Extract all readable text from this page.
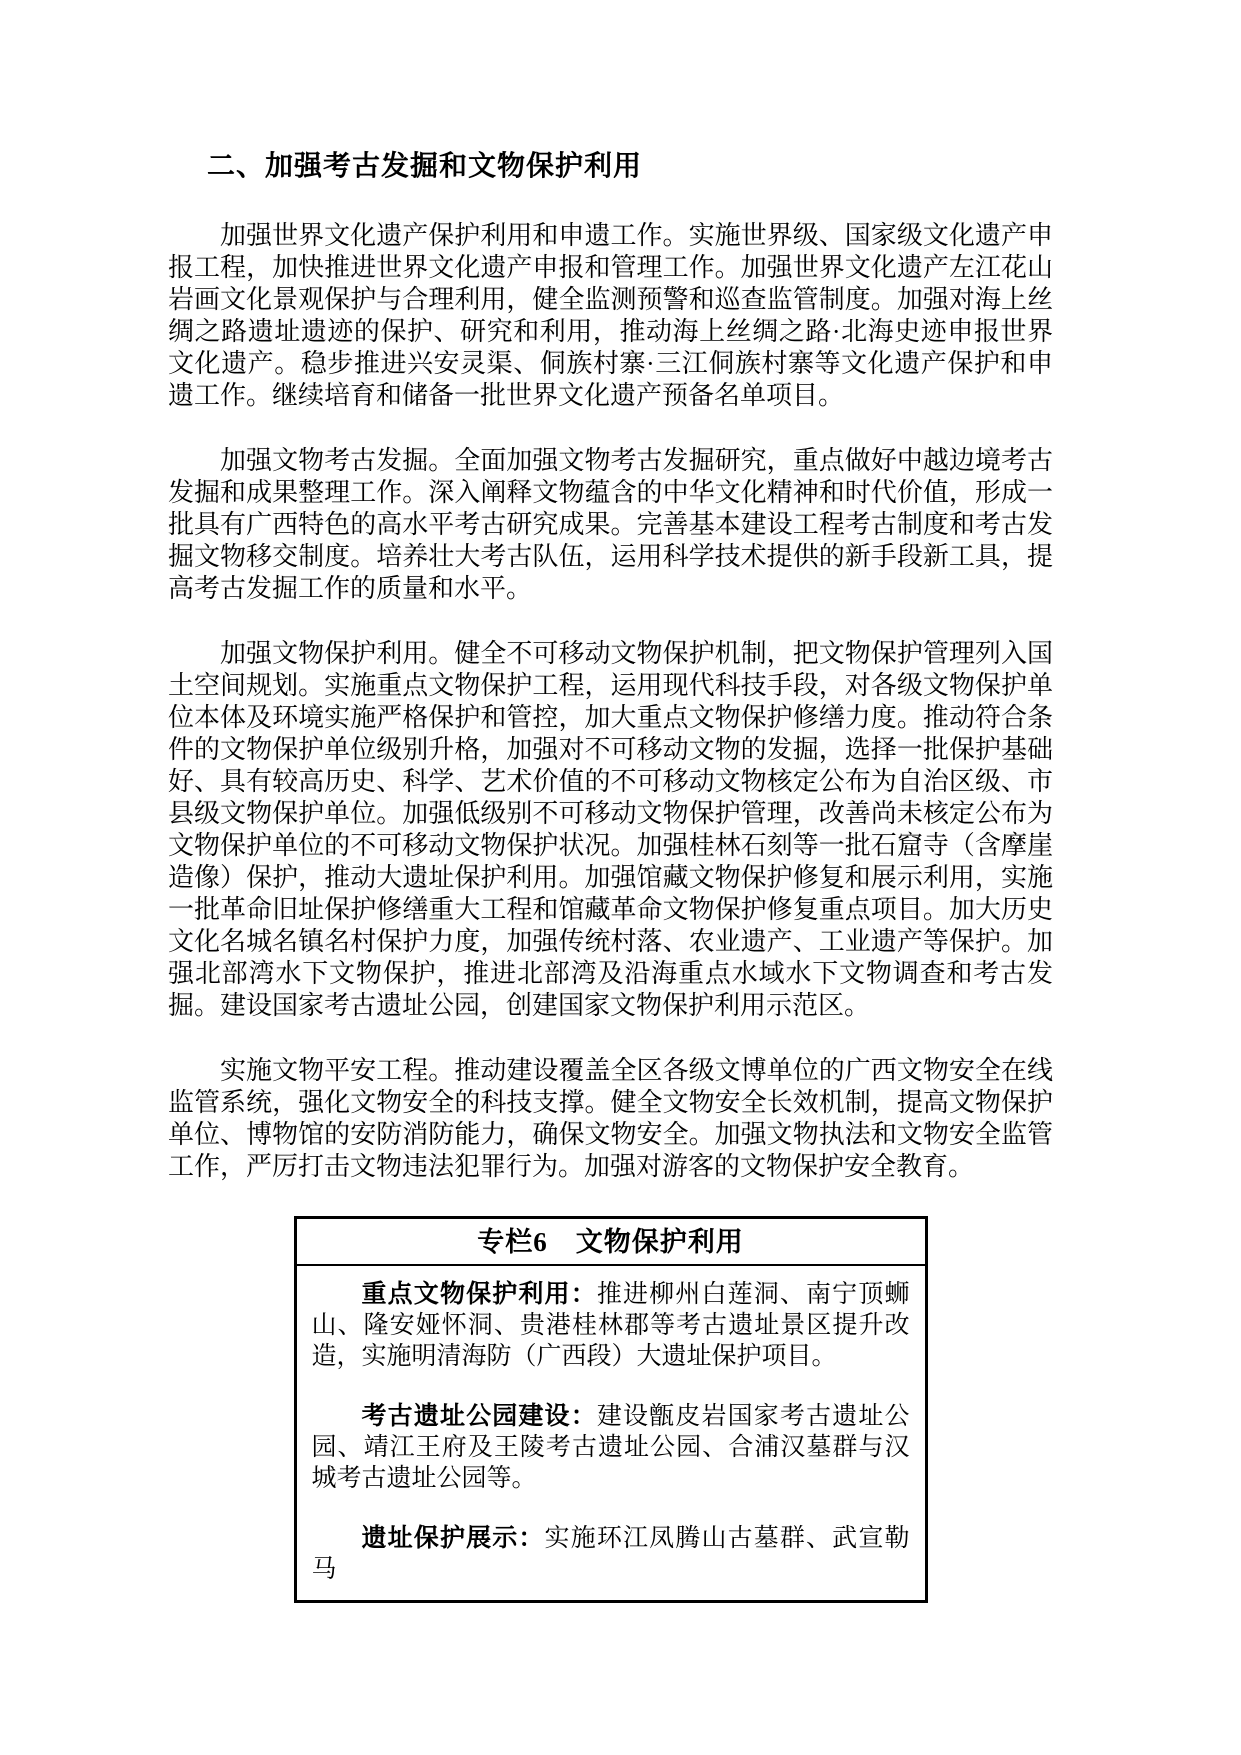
二、加强考古发掘和文物保护利用

加强世界文化遗产保护利用和申遗工作。实施世界级、国家级文化遗产申报工程，加快推进世界文化遗产申报和管理工作。加强世界文化遗产左江花山岩画文化景观保护与合理利用，健全监测预警和巡查监管制度。加强对海上丝绸之路遗址遗迹的保护、研究和利用，推动海上丝绸之路·北海史迹申报世界文化遗产。稳步推进兴安灵渠、侗族村寨·三江侗族村寨等文化遗产保护和申遗工作。继续培育和储备一批世界文化遗产预备名单项目。

加强文物考古发掘。全面加强文物考古发掘研究，重点做好中越边境考古发掘和成果整理工作。深入阐释文物蕴含的中华文化精神和时代价值，形成一批具有广西特色的高水平考古研究成果。完善基本建设工程考古制度和考古发掘文物移交制度。培养壮大考古队伍，运用科学技术提供的新手段新工具，提高考古发掘工作的质量和水平。

加强文物保护利用。健全不可移动文物保护机制，把文物保护管理列入国土空间规划。实施重点文物保护工程，运用现代科技手段，对各级文物保护单位本体及环境实施严格保护和管控，加大重点文物保护修缮力度。推动符合条件的文物保护单位级别升格，加强对不可移动文物的发掘，选择一批保护基础好、具有较高历史、科学、艺术价值的不可移动文物核定公布为自治区级、市县级文物保护单位。加强低级别不可移动文物保护管理，改善尚未核定公布为文物保护单位的不可移动文物保护状况。加强桂林石刻等一批石窟寺（含摩崖造像）保护，推动大遗址保护利用。加强馆藏文物保护修复和展示利用，实施一批革命旧址保护修缮重大工程和馆藏革命文物保护修复重点项目。加大历史文化名城名镇名村保护力度，加强传统村落、农业遗产、工业遗产等保护。加强北部湾水下文物保护，推进北部湾及沿海重点水域水下文物调查和考古发掘。建设国家考古遗址公园，创建国家文物保护利用示范区。

实施文物平安工程。推动建设覆盖全区各级文博单位的广西文物安全在线监管系统，强化文物安全的科技支撑。健全文物安全长效机制，提高文物保护单位、博物馆的安防消防能力，确保文物安全。加强文物执法和文物安全监管工作，严厉打击文物违法犯罪行为。加强对游客的文物保护安全教育。

专栏6　文物保护利用

重点文物保护利用：推进柳州白莲洞、南宁顶蛳山、隆安娅怀洞、贵港桂林郡等考古遗址景区提升改造，实施明清海防（广西段）大遗址保护项目。

考古遗址公园建设：建设甑皮岩国家考古遗址公园、靖江王府及王陵考古遗址公园、合浦汉墓群与汉城考古遗址公园等。

遗址保护展示：实施环江凤腾山古墓群、武宣勒马
